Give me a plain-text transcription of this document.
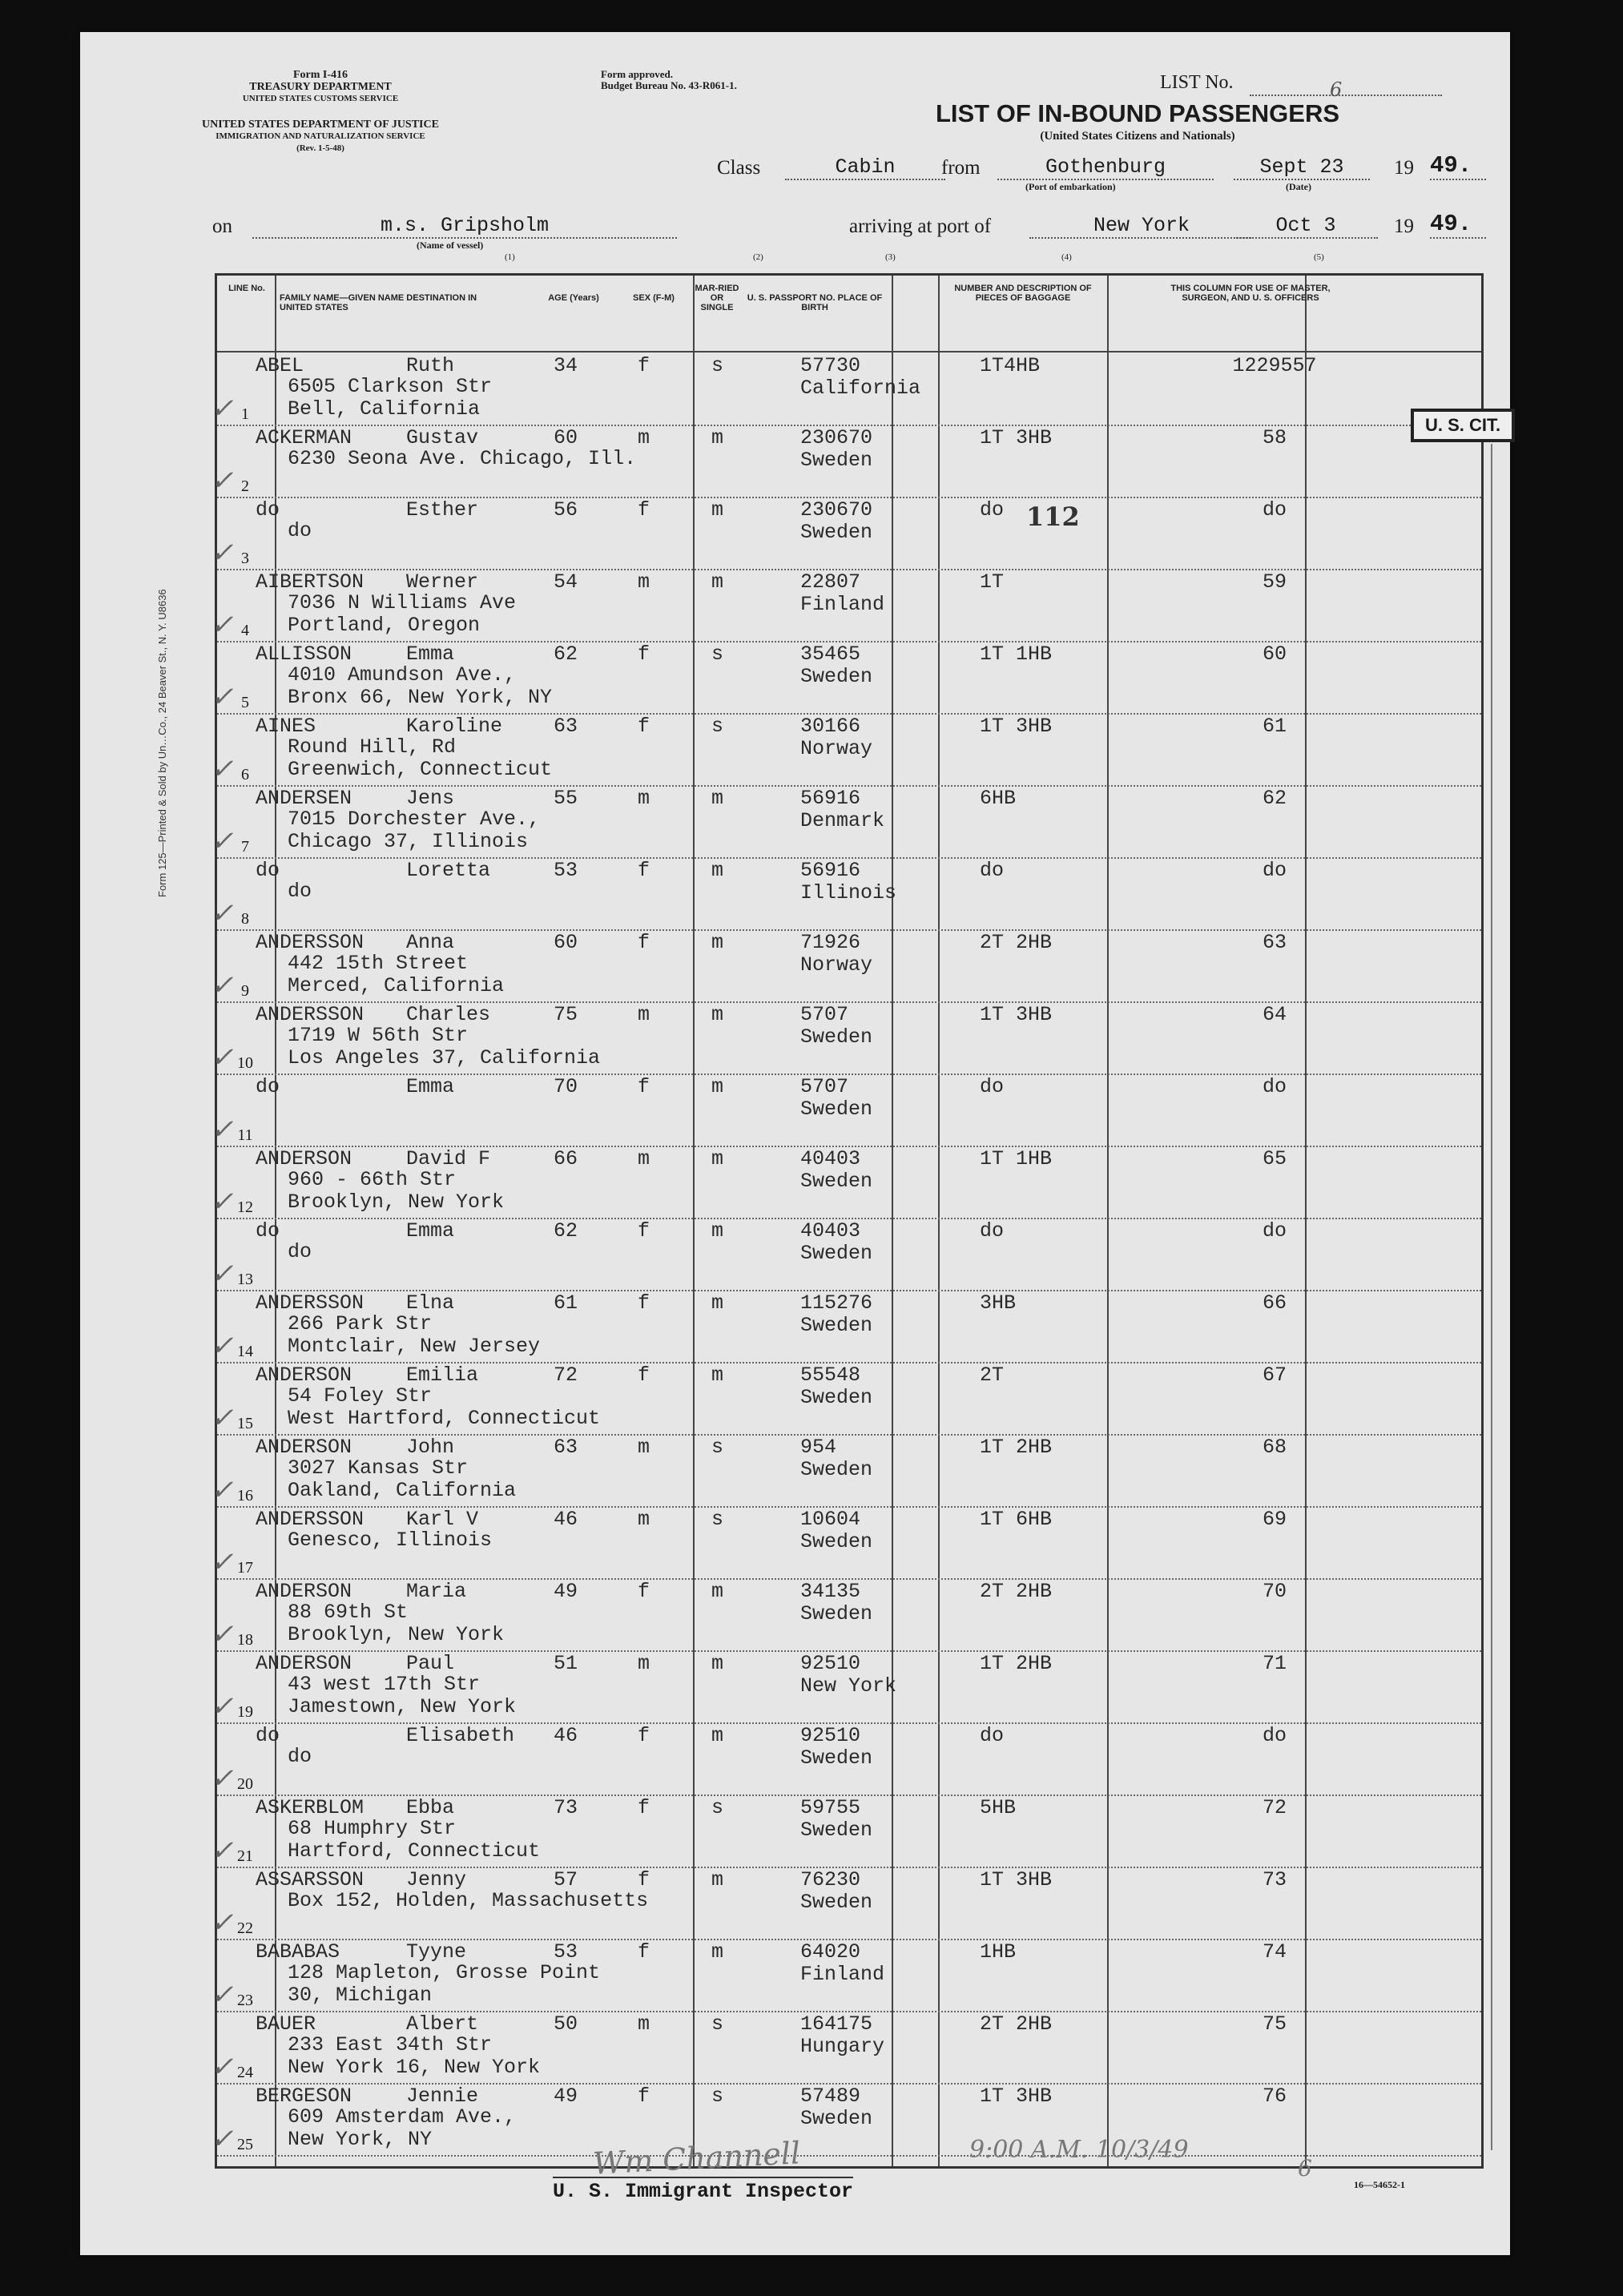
Form I-416
TREASURY DEPARTMENT
UNITED STATES CUSTOMS SERVICE
UNITED STATES DEPARTMENT OF JUSTICE
IMMIGRATION AND NATURALIZATION SERVICE
(Rev. 1-5-48)
Form approved.
Budget Bureau No. 43-R061-1.	LIST No.	6
LIST OF IN-BOUND PASSENGERS
(United States Citizens and Nationals)
Class	Cabin	from	Gothenburg
(Port of embarkation)
Sept 23
(Date)
19 49.
on	m.s. Gripsholm
(Name of vessel)
arriving at port of	New York	Oct 3	19 49.
(1)	(2)	(3)	(4)	(5)
LINE No.
FAMILY NAME—GIVEN NAME DESTINATION IN UNITED STATES
AGE (Years)	SEX (F-M)
MAR-RIED OR SINGLE
U. S. PASSPORT NO. PLACE OF BIRTH
NUMBER AND DESCRIPTION OF PIECES OF BAGGAGE
THIS COLUMN FOR USE OF MASTER, SURGEON, AND U. S. OFFICERS
1
ABEL	Ruth
6505 Clarkson Str
Bell, California
34	f	s	57730
California
1T4HB	1229557
✓
2
ACKERMAN	Gustav
6230 Seona Ave. Chicago, Ill.
60	m	m	230670
Sweden
1T 3HB	58
✓
3
do	Esther
do
56	f	m	230670
Sweden
do	do
✓
4
AIBERTSON Werner
7036 N Williams Ave
Portland, Oregon
54	m	m	22807
Finland
1T	59
✓
5
ALLISSON	Emma
4010 Amundson Ave.,
Bronx 66, New York, NY
62	f	s	35465
Sweden
1T 1HB	60
✓
6
AINES	Karoline
Round Hill, Rd
Greenwich, Connecticut
63	f	s	30166
Norway
1T 3HB	61
✓
7
ANDERSEN	Jens
7015 Dorchester Ave.,
Chicago 37, Illinois
55	m	m	56916
Denmark
6HB	62
✓
8
do	Loretta
do
53	f	m	56916
Illinois
do	do
✓
9
ANDERSSON Anna
442 15th Street
Merced, California
60	f	m	71926
Norway
2T 2HB	63
✓
10
ANDERSSON Charles
1719 W 56th Str
Los Angeles 37, California
75	m	m	5707
Sweden
1T 3HB	64
✓
11
do	Emma	70	f	m	5707
Sweden
do	do
✓
12
ANDERSON	David F
960 - 66th Str
Brooklyn, New York
66	m	m	40403
Sweden
1T 1HB	65
✓
13
do	Emma
do
62	f	m	40403
Sweden
do	do
✓
14
ANDERSSON Elna
266 Park Str
Montclair, New Jersey
61	f	m	115276
Sweden
3HB	66
✓
15
ANDERSON	Emilia
54 Foley Str
West Hartford, Connecticut
72	f	m	55548
Sweden
2T	67
✓
16
ANDERSON	John
3027 Kansas Str
Oakland, California
63	m	s	954
Sweden
1T 2HB	68
✓
17
ANDERSSON Karl V
Genesco, Illinois
46	m	s	10604
Sweden
1T 6HB	69
✓
18
ANDERSON	Maria
88 69th St
Brooklyn, New York
49	f	m	34135
Sweden
2T 2HB	70
✓
19
ANDERSON	Paul
43 west 17th Str
Jamestown, New York
51	m	m	92510
New York
1T 2HB	71
✓
20
do	Elisabeth
do
46	f	m	92510
Sweden
do	do
✓
21
ASKERBLOM Ebba
68 Humphry Str
Hartford, Connecticut
73	f	s	59755
Sweden
5HB	72
✓
22
ASSARSSON Jenny
Box 152, Holden, Massachusetts
57	f	m	76230
Sweden
1T 3HB	73
✓
23
BABABAS	Tyyne
128 Mapleton, Grosse Point
30, Michigan
53	f	m	64020
Finland
1HB	74
✓
24
BAUER	Albert
233 East 34th Str
New York 16, New York
50	m	s	164175
Hungary
2T 2HB	75
✓
25
BERGESON	Jennie
609 Amsterdam Ave.,
New York, NY
49	f	s	57489
Sweden
1T 3HB	76
✓
U. S. CIT.
112
Form 125—Printed & Sold by Un…Co., 24 Beaver St., N. Y. U8636
Wm Channell	9:00 A.M. 10/3/49
6
U. S. Immigrant Inspector	16—54652-1
